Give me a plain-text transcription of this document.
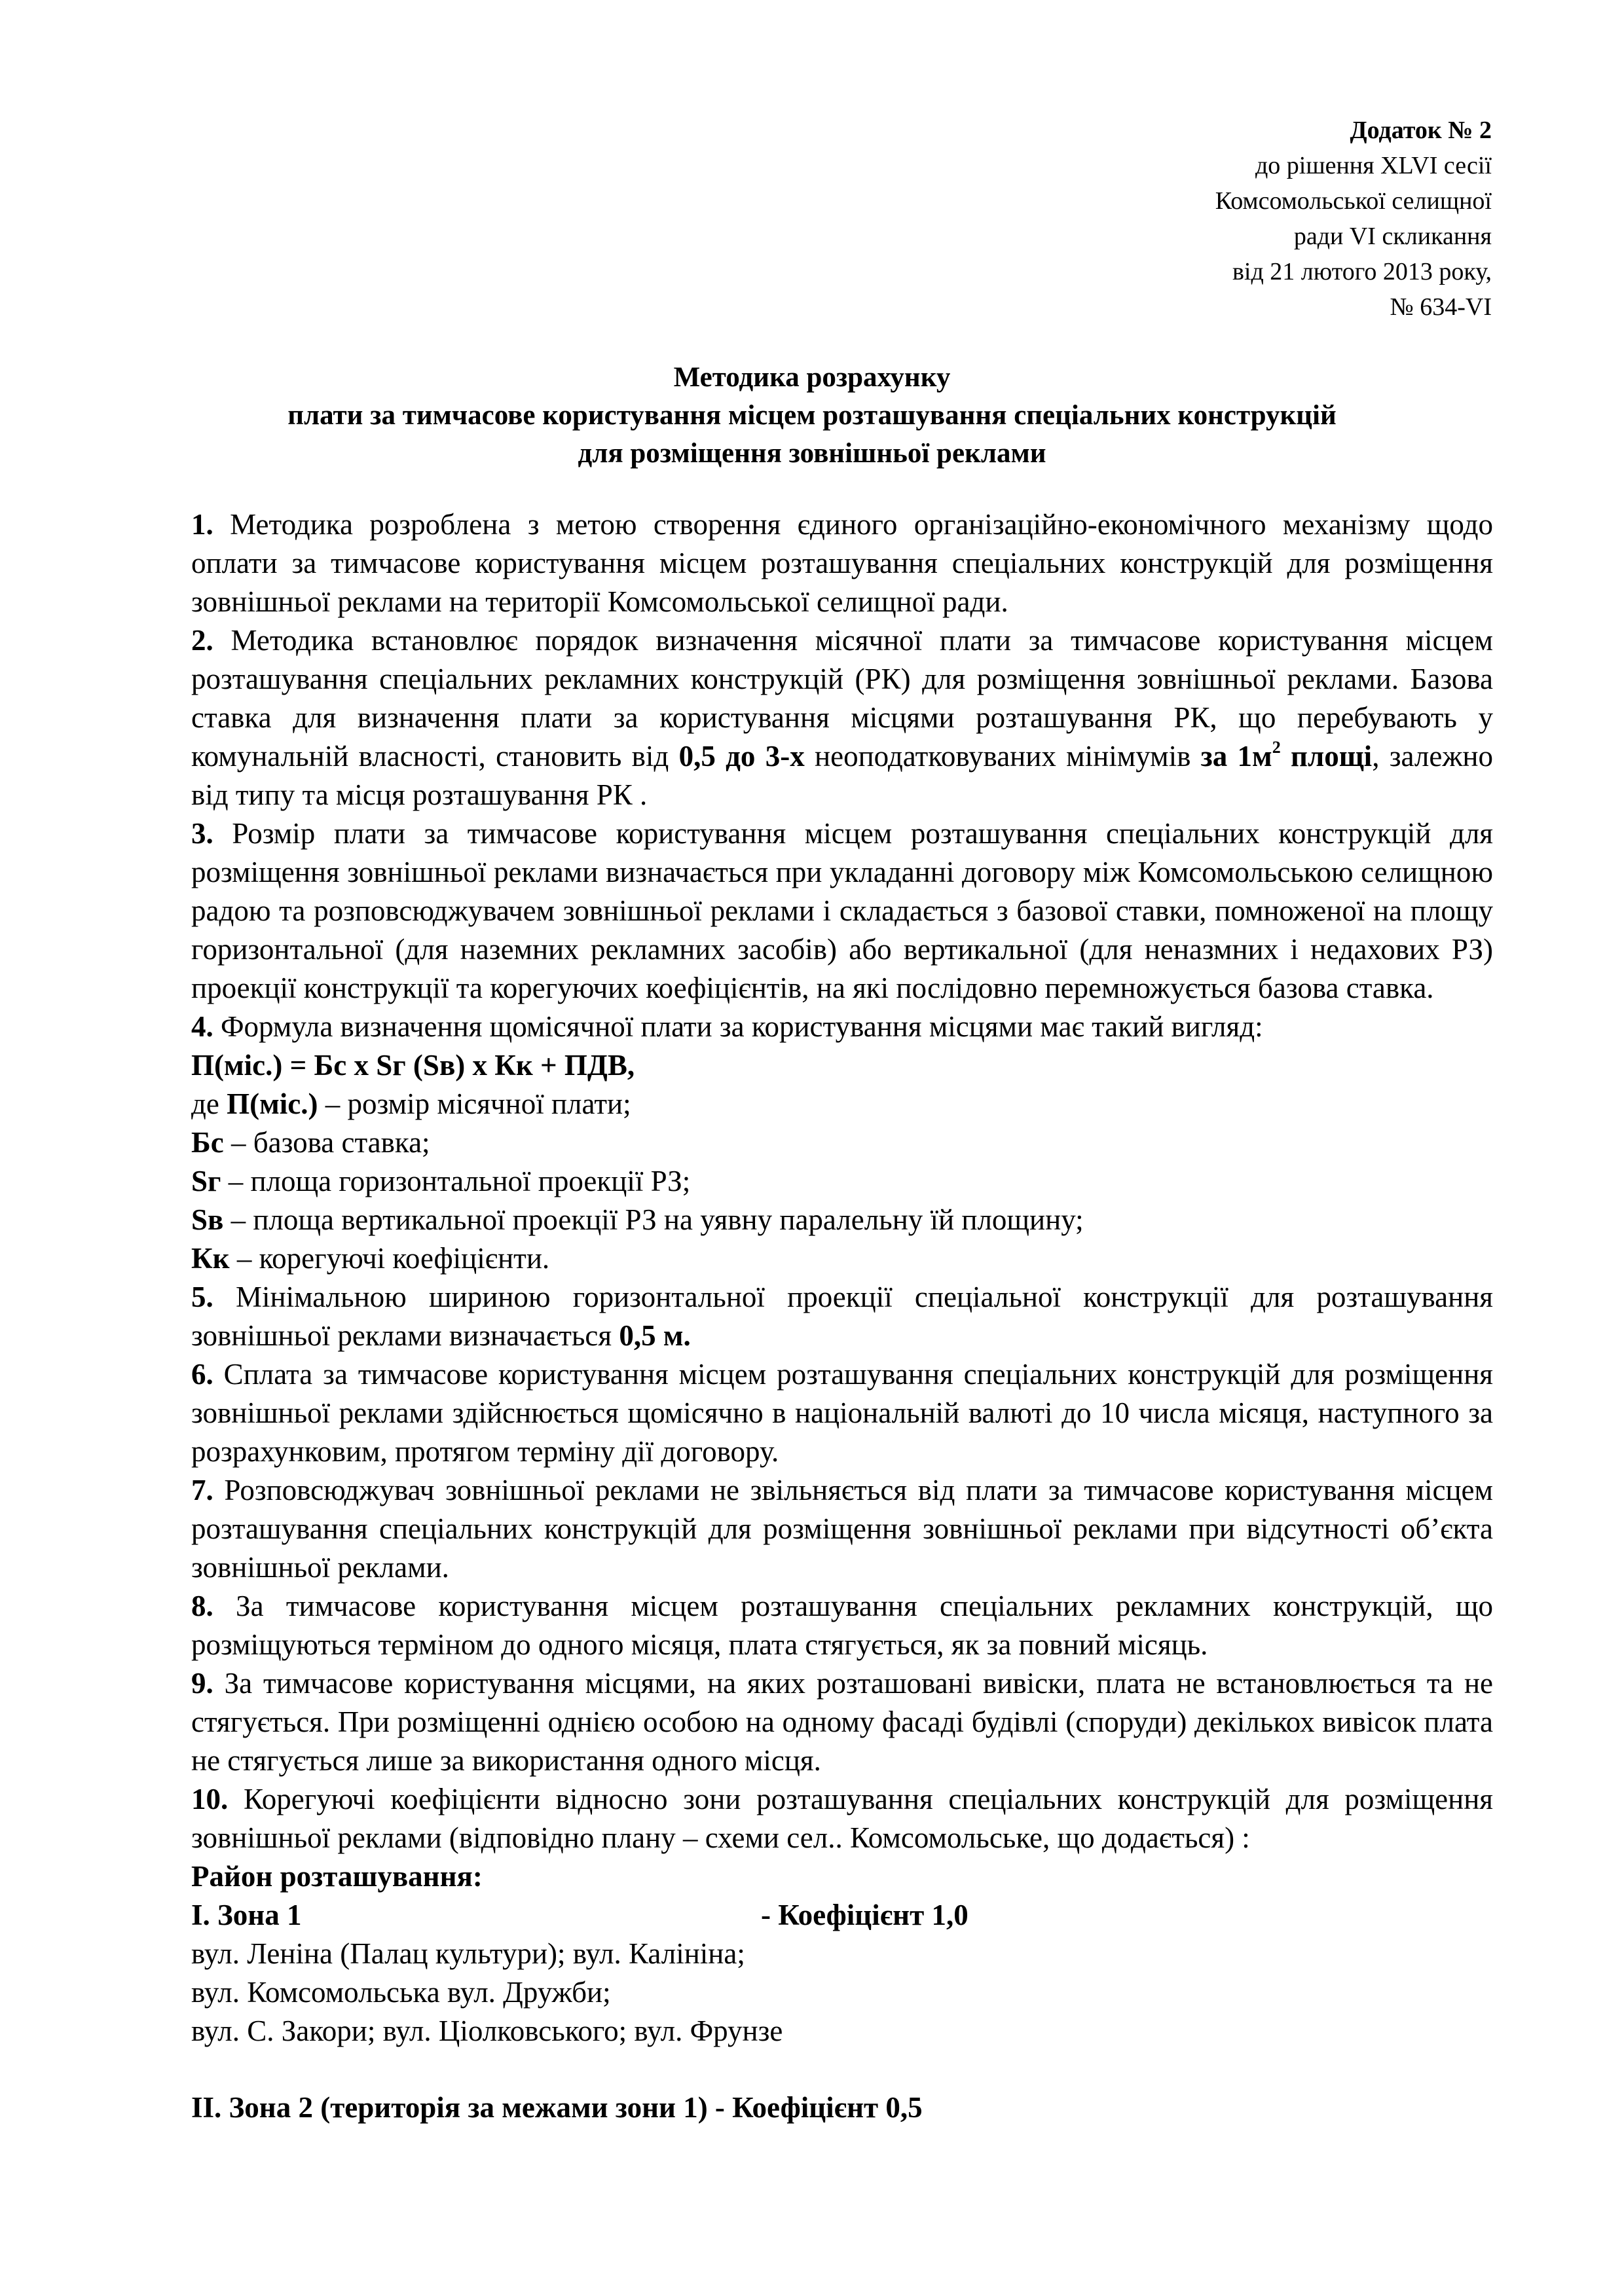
Додаток № 2
до рішення XLVI сесії
Комсомольської селищної
ради VI скликання
від 21 лютого 2013 року,
№ 634-VI
Методика розрахунку
плати за тимчасове користування місцем розташування спеціальних конструкцій
для розміщення зовнішньої реклами

1. Методика розроблена з метою створення єдиного організаційно-економічного механізму щодо оплати за тимчасове користування місцем розташування спеціальних конструкцій для розміщення зовнішньої реклами на території Комсомольської селищної ради.

2. Методика встановлює порядок визначення місячної плати за тимчасове користування місцем розташування спеціальних рекламних конструкцій (РК) для розміщення зовнішньої реклами. Базова ставка для визначення плати за користування місцями розташування РК, що перебувають у комунальній власності, становить від 0,5 до 3-х неоподатковуваних мінімумів за $1м^2$ площі, залежно від типу та місця розташування РК .

3. Розмір плати за тимчасове користування місцем розташування спеціальних конструкцій для розміщення зовнішньої реклами визначається при укладанні договору між Комсомольською селищною радою та розповсюджувачем зовнішньої реклами і складається з базової ставки, помноженої на площу горизонтальної (для наземних рекламних засобів) або вертикальної (для неназмних і недахових РЗ) проекції конструкції та корегуючих коефіцієнтів, на які послідовно перемножується базова ставка.

4. Формула визначення щомісячної плати за користування місцями має такий вигляд:

П(міс.) = Бс х Sг (Sв) х Кк + ПДВ,

де П(міс.) – розмір місячної плати;

Бс – базова ставка;

Sг – площа горизонтальної проекції РЗ;

Sв – площа вертикальної проекції РЗ на уявну паралельну їй площину;

Кк – корегуючі коефіцієнти.

5. Мінімальною шириною горизонтальної проекції спеціальної конструкції для розташування зовнішньої реклами визначається 0,5 м.

6. Сплата за тимчасове користування місцем розташування спеціальних конструкцій для розміщення зовнішньої реклами здійснюється щомісячно в національній валюті до 10 числа місяця, наступного за розрахунковим, протягом терміну дії договору.

7. Розповсюджувач зовнішньої реклами не звільняється від плати за тимчасове користування місцем розташування спеціальних конструкцій для розміщення зовнішньої реклами при відсутності об’єкта зовнішньої реклами.

8. За тимчасове користування місцем розташування спеціальних рекламних конструкцій, що розміщуються терміном до одного місяця, плата стягується, як за повний місяць.

9. За тимчасове користування місцями, на яких розташовані вивіски, плата не встановлюється та не стягується. При розміщенні однією особою на одному фасаді будівлі (споруди) декількох вивісок плата не стягується лише за використання одного місця.

10. Корегуючі коефіцієнти відносно зони розташування спеціальних конструкцій для розміщення зовнішньої реклами (відповідно плану – схеми сел.. Комсомольське, що додається) :

Район розташування:

І. Зона 1	- Коефіцієнт 1,0

вул. Леніна (Палац культури); вул. Калініна;

вул. Комсомольська вул. Дружби;

вул. С. Закори; вул. Ціолковського; вул. Фрунзе

ІІ. Зона 2 (територія за межами зони 1) - Коефіцієнт 0,5
